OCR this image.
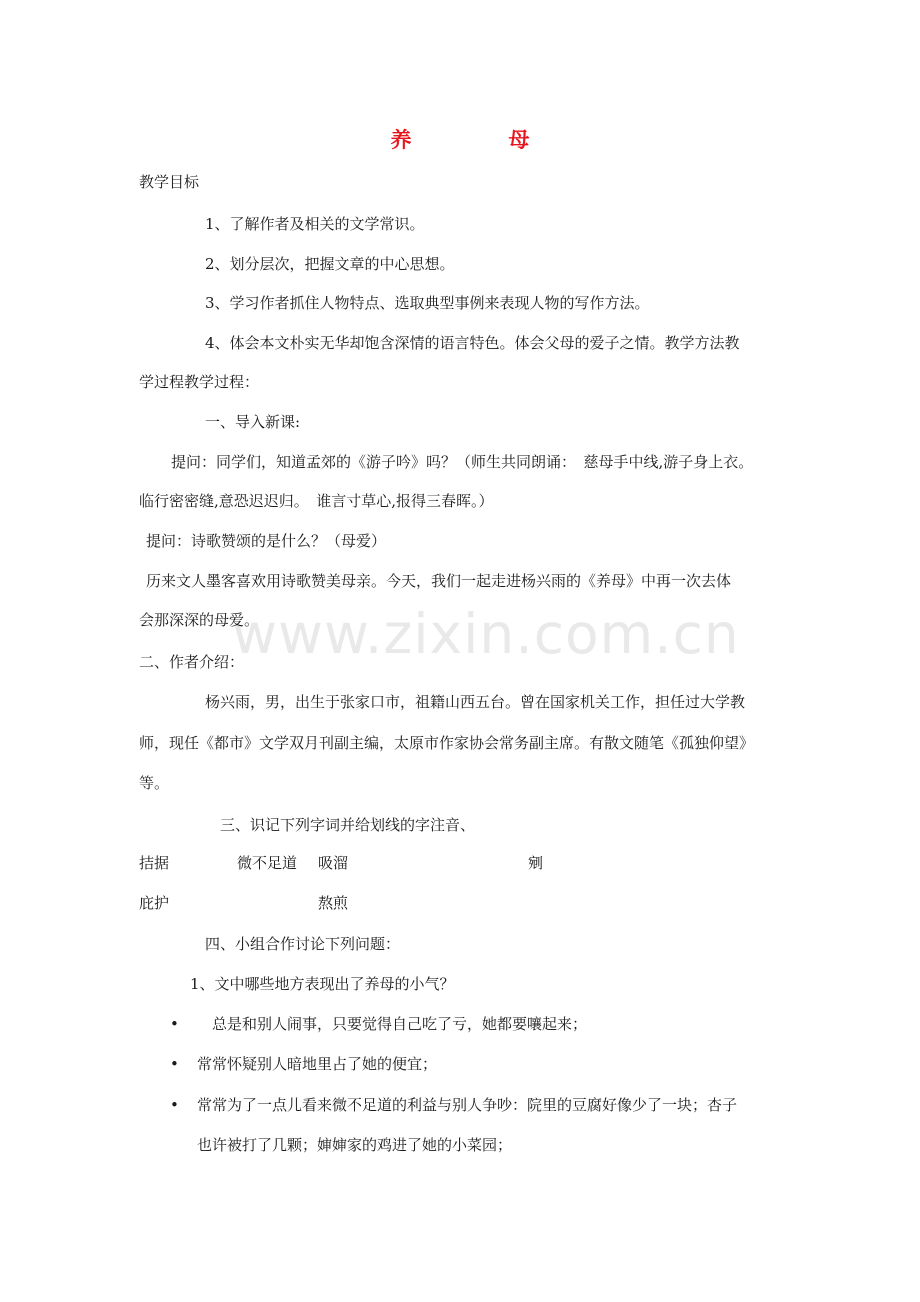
www.zixin.com.cn
养　母
教学目标
1、了解作者及相关的文学常识。
2、划分层次，把握文章的中心思想。
3、学习作者抓住人物特点、选取典型事例来表现人物的写作方法。
4、体会本文朴实无华却饱含深情的语言特色。体会父母的爱子之情。教学方法教
学过程教学过程：
一、导入新课:
提问：同学们，知道孟郊的《游子吟》吗？（师生共同朗诵：　慈母手中线,游子身上衣。
临行密密缝,意恐迟迟归。　谁言寸草心,报得三春晖。）
提问：诗歌赞颂的是什么？（母爱）
历来文人墨客喜欢用诗歌赞美母亲。今天，我们一起走进杨兴雨的《养母》中再一次去体
会那深深的母爱。
二、作者介绍：
杨兴雨，男，出生于张家口市，祖籍山西五台。曾在国家机关工作，担任过大学教
师，现任《都市》文学双月刊副主编，太原市作家协会常务副主席。有散文随笔《孤独仰望》
等。
三、识记下列字词并给划线的字注音、
拮据	微不足道 吸溜	剜
庇护	熬煎
四、小组合作讨论下列问题：
1、文中哪些地方表现出了养母的小气？
• 总是和别人闹事，只要觉得自己吃了亏，她都要嚷起来；
• 常常怀疑别人暗地里占了她的便宜；
• 常常为了一点儿看来微不足道的利益与别人争吵：院里的豆腐好像少了一块；杏子
也许被打了几颗；婶婶家的鸡进了她的小菜园；
